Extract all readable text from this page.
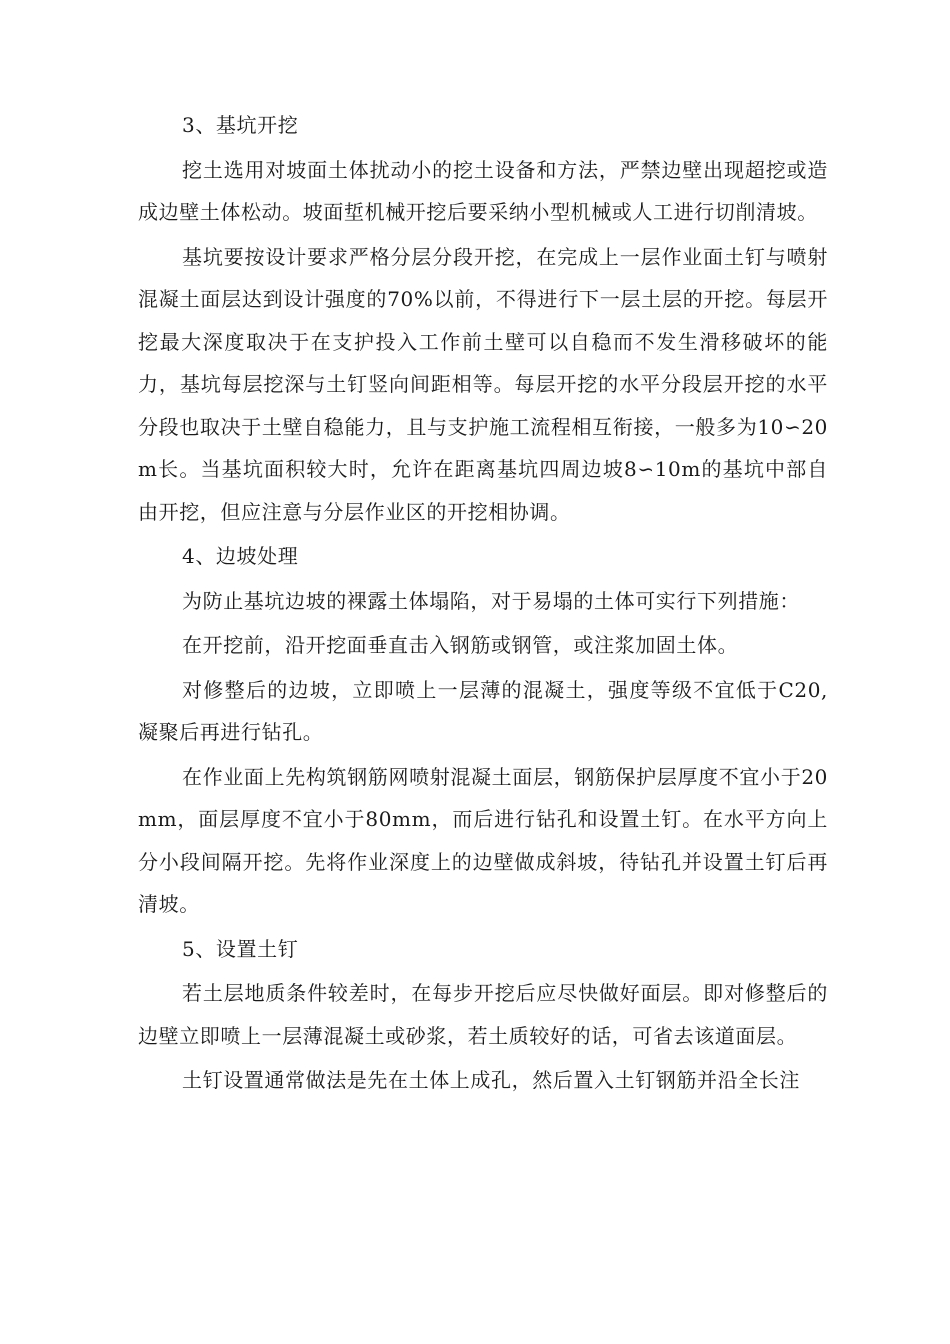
3、基坑开挖

挖土选用对坡面土体扰动小的挖土设备和方法，严禁边壁出现超挖或造成边壁土体松动。坡面埑机械开挖后要采纳小型机械或人工进行切削清坡。

基坑要按设计要求严格分层分段开挖，在完成上一层作业面土钉与喷射混凝土面层达到设计强度的70%以前，不得进行下一层土层的开挖。每层开挖最大深度取决于在支护投入工作前土壁可以自稳而不发生滑移破坏的能力，基坑每层挖深与土钉竖向间距相等。每层开挖的水平分段层开挖的水平分段也取决于土壁自稳能力，且与支护施工流程相互衔接，一般多为10∽20m长。当基坑面积较大时，允许在距离基坑四周边坡8∽10m的基坑中部自由开挖，但应注意与分层作业区的开挖相协调。

4、边坡处理

为防止基坑边坡的裸露土体塌陷，对于易塌的土体可实行下列措施：

在开挖前，沿开挖面垂直击入钢筋或钢管，或注浆加固土体。

对修整后的边坡，立即喷上一层薄的混凝土，强度等级不宜低于C20,凝聚后再进行钻孔。

在作业面上先构筑钢筋网喷射混凝土面层，钢筋保护层厚度不宜小于20mm，面层厚度不宜小于80mm，而后进行钻孔和设置土钉。在水平方向上分小段间隔开挖。先将作业深度上的边壁做成斜坡，待钻孔并设置土钉后再清坡。

5、设置土钉

若土层地质条件较差时，在每步开挖后应尽快做好面层。即对修整后的边壁立即喷上一层薄混凝土或砂浆，若土质较好的话，可省去该道面层。

土钉设置通常做法是先在土体上成孔，然后置入土钉钢筋并沿全长注
